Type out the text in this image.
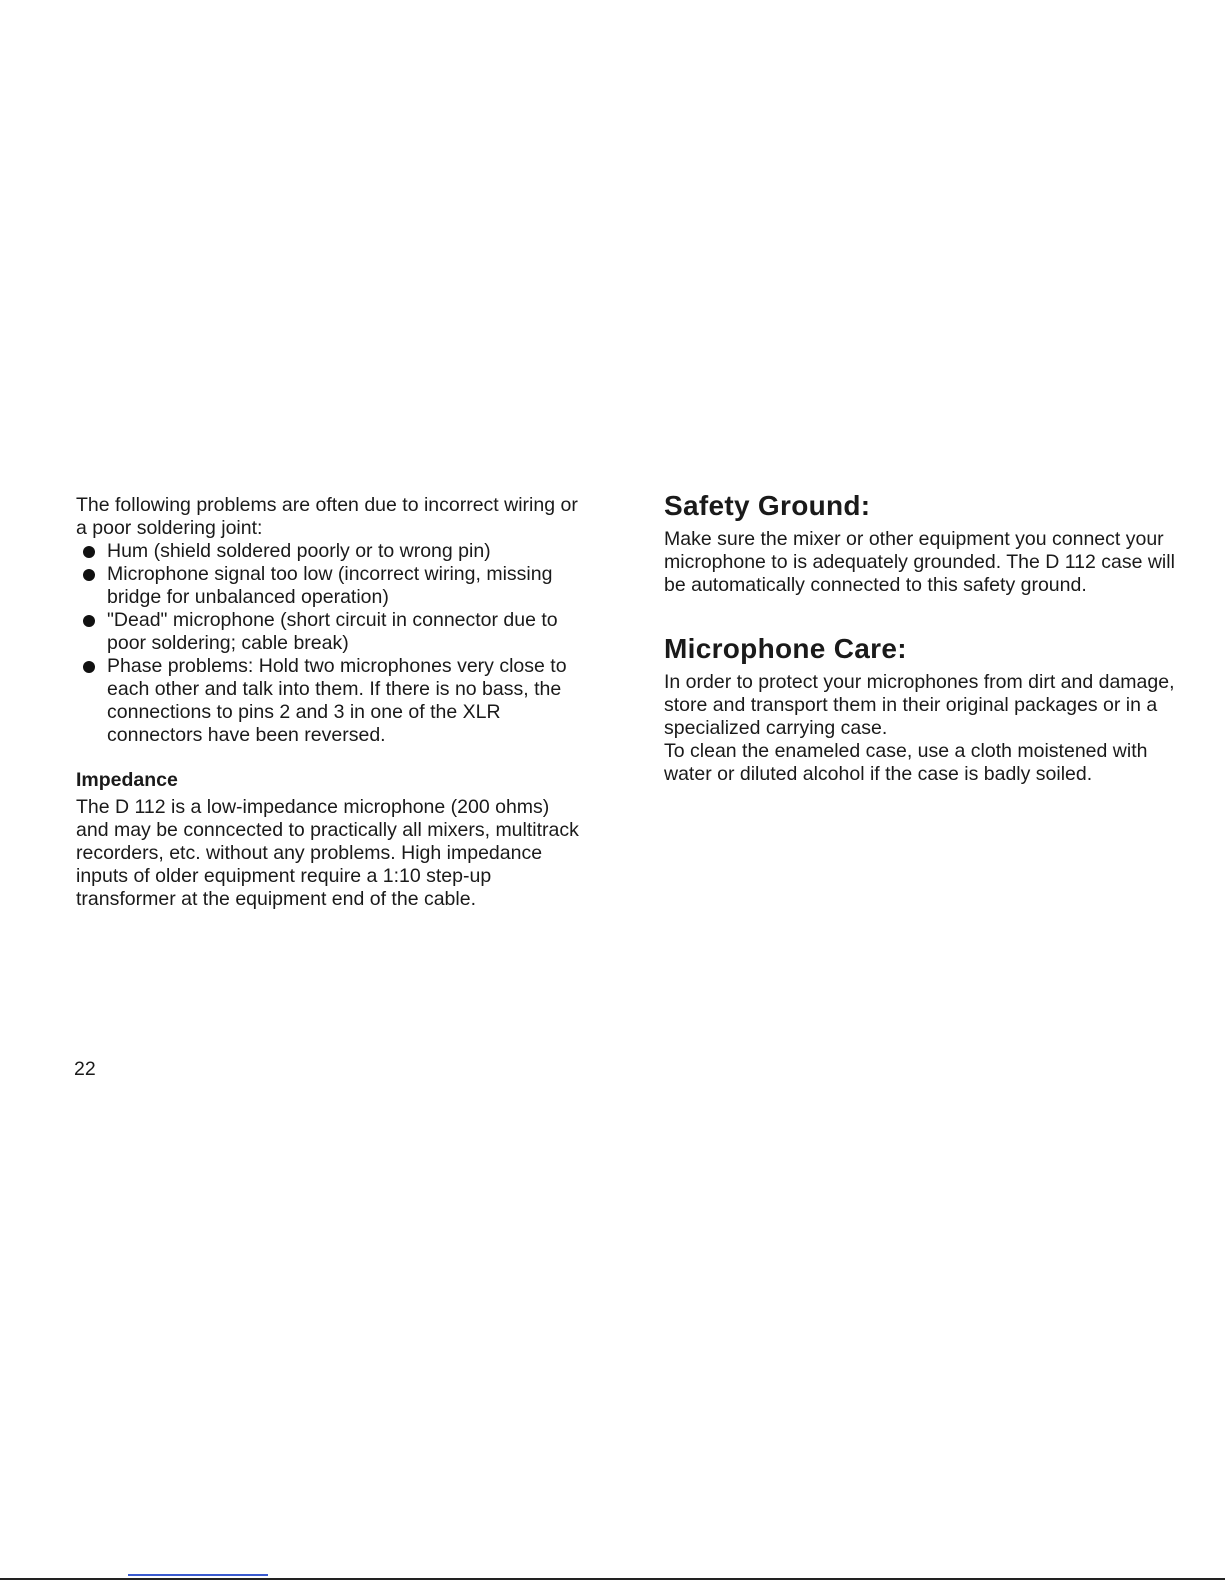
The following problems are often due to incorrect wiring or a poor soldering joint:

Hum (shield soldered poorly or to wrong pin)
Microphone signal too low (incorrect wiring, missing bridge for unbalanced operation)
"Dead" microphone (short circuit in connector due to poor soldering; cable break)
Phase problems: Hold two microphones very close to each other and talk into them. If there is no bass, the connections to pins 2 and 3 in one of the XLR connectors have been reversed.
Impedance

The D 112 is a low-impedance microphone (200 ohms) and may be conncected to practically all mixers, multitrack recorders, etc. without any problems. High impedance inputs of older equipment require a 1:10 step-up transformer at the equipment end of the cable.

Safety Ground:

Make sure the mixer or other equipment you connect your microphone to is adequately grounded. The D 112 case will be automatically connected to this safety ground.

Microphone Care:

In order to protect your microphones from dirt and damage, store and transport them in their original packages or in a specialized carrying case.

To clean the enameled case, use a cloth moistened with water or diluted alcohol if the case is badly soiled.

22
